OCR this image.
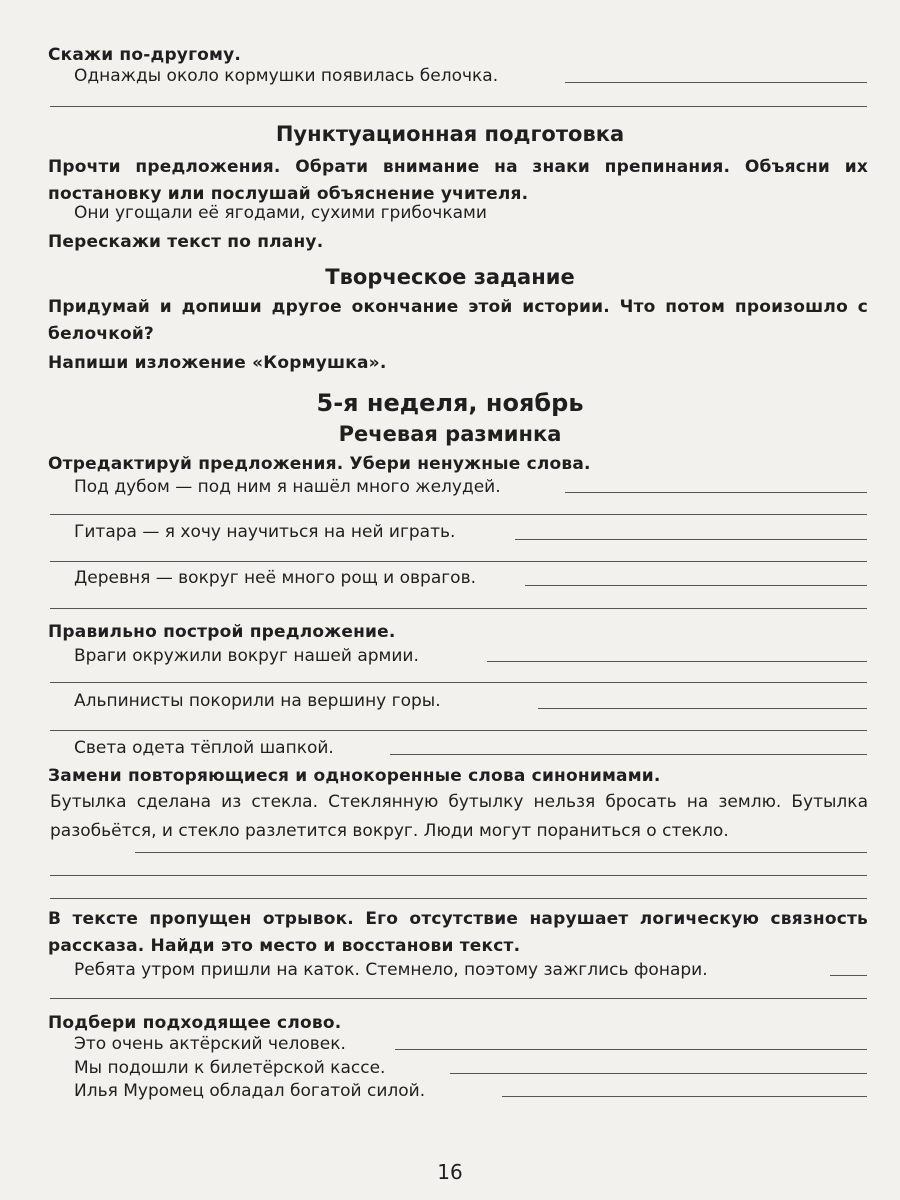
Скажи по-другому.
Однажды около кормушки появилась белочка.
Пунктуационная подготовка
Прочти предложения. Обрати внимание на знаки препинания. Объясни их постановку или послушай объяснение учителя.
Они угощали её ягодами, сухими грибочками
Перескажи текст по плану.
Творческое задание
Придумай и допиши другое окончание этой истории. Что потом произошло с белочкой?
Напиши изложение «Кормушка».
5-я неделя, ноябрь
Речевая разминка
Отредактируй предложения. Убери ненужные слова.
Под дубом — под ним я нашёл много желудей.
Гитара — я хочу научиться на ней играть.
Деревня — вокруг неё много рощ и оврагов.
Правильно построй предложение.
Враги окружили вокруг нашей армии.
Альпинисты покорили на вершину горы.
Света одета тёплой шапкой.
Замени повторяющиеся и однокоренные слова синонимами.
Бутылка сделана из стекла. Стеклянную бутылку нельзя бросать на землю. Бутылка разобьётся, и стекло разлетится вокруг. Люди могут пораниться о стекло.
В тексте пропущен отрывок. Его отсутствие нарушает логическую связность рассказа. Найди это место и восстанови текст.
Ребята утром пришли на каток. Стемнело, поэтому зажглись фонари.
Подбери подходящее слово.
Это очень актёрский человек.
Мы подошли к билетёрской кассе.
Илья Муромец обладал богатой силой.
16
